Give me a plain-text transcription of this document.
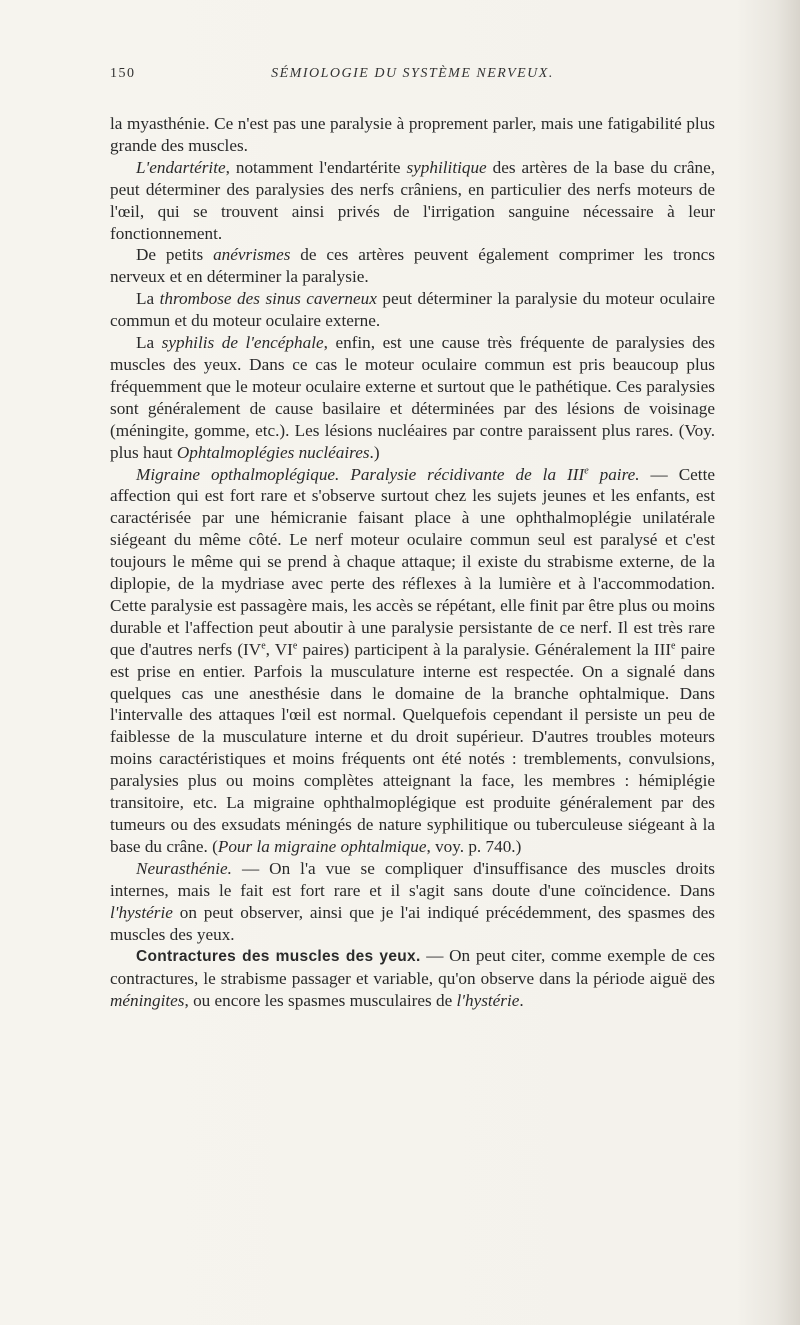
150	SÉMIOLOGIE DU SYSTÈME NERVEUX.

la myasthénie. Ce n'est pas une paralysie à proprement parler, mais une fatigabilité plus grande des muscles.

L'endartérite, notamment l'endartérite syphilitique des artères de la base du crâne, peut déterminer des paralysies des nerfs crâniens, en particulier des nerfs moteurs de l'œil, qui se trouvent ainsi privés de l'irrigation sanguine nécessaire à leur fonctionnement.

De petits anévrismes de ces artères peuvent également comprimer les troncs nerveux et en déterminer la paralysie.

La thrombose des sinus caverneux peut déterminer la paralysie du moteur oculaire commun et du moteur oculaire externe.

La syphilis de l'encéphale, enfin, est une cause très fréquente de paralysies des muscles des yeux. Dans ce cas le moteur oculaire commun est pris beaucoup plus fréquemment que le moteur oculaire externe et surtout que le pathétique. Ces paralysies sont généralement de cause basilaire et déterminées par des lésions de voisinage (méningite, gomme, etc.). Les lésions nucléaires par contre paraissent plus rares. (Voy. plus haut Ophtalmoplégies nucléaires.)

Migraine opthalmoplégique. Paralysie récidivante de la IIIe paire. — Cette affection qui est fort rare et s'observe surtout chez les sujets jeunes et les enfants, est caractérisée par une hémicranie faisant place à une ophthalmoplégie unilatérale siégeant du même côté. Le nerf moteur oculaire commun seul est paralysé et c'est toujours le même qui se prend à chaque attaque; il existe du strabisme externe, de la diplopie, de la mydriase avec perte des réflexes à la lumière et à l'accommodation. Cette paralysie est passagère mais, les accès se répétant, elle finit par être plus ou moins durable et l'affection peut aboutir à une paralysie persistante de ce nerf. Il est très rare que d'autres nerfs (IVe, VIe paires) participent à la paralysie. Généralement la IIIe paire est prise en entier. Parfois la musculature interne est respectée. On a signalé dans quelques cas une anesthésie dans le domaine de la branche ophtalmique. Dans l'intervalle des attaques l'œil est normal. Quelquefois cependant il persiste un peu de faiblesse de la musculature interne et du droit supérieur. D'autres troubles moteurs moins caractéristiques et moins fréquents ont été notés : tremblements, convulsions, paralysies plus ou moins complètes atteignant la face, les membres : hémiplégie transitoire, etc. La migraine ophthalmoplégique est produite généralement par des tumeurs ou des exsudats méningés de nature syphilitique ou tuberculeuse siégeant à la base du crâne. (Pour la migraine ophtalmique, voy. p. 740.)

Neurasthénie. — On l'a vue se compliquer d'insuffisance des muscles droits internes, mais le fait est fort rare et il s'agit sans doute d'une coïncidence. Dans l'hystérie on peut observer, ainsi que je l'ai indiqué précédemment, des spasmes des muscles des yeux.

Contractures des muscles des yeux. — On peut citer, comme exemple de ces contractures, le strabisme passager et variable, qu'on observe dans la période aiguë des méningites, ou encore les spasmes musculaires de l'hystérie.
